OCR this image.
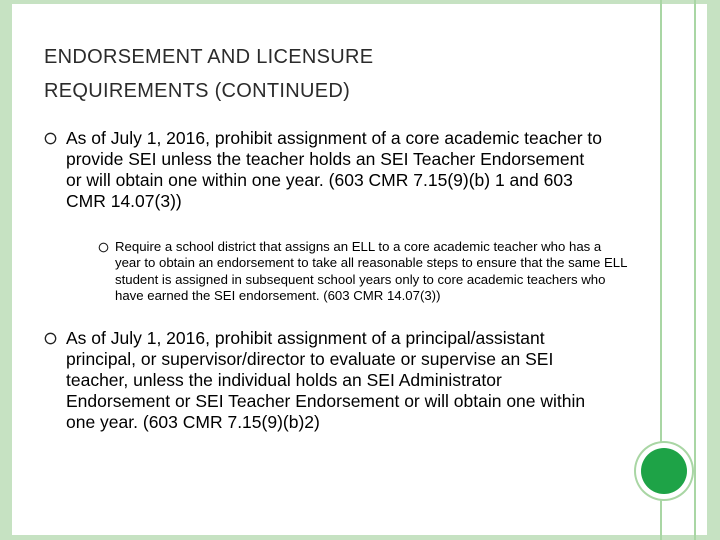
ENDORSEMENT AND LICENSURE
REQUIREMENTS (CONTINUED)
As of July 1, 2016, prohibit assignment of a core academic teacher to provide SEI unless the teacher holds an SEI Teacher Endorsement or will obtain one within one year. (603 CMR 7.15(9)(b) 1 and 603 CMR 14.07(3))
Require a school district that assigns an ELL to a core academic teacher who has a year to obtain an endorsement to take all reasonable steps to ensure that the same ELL student is assigned in subsequent school years only to core academic teachers who have earned the SEI endorsement. (603 CMR 14.07(3))
As of July 1, 2016, prohibit assignment of a principal/assistant principal, or supervisor/director to evaluate or supervise an SEI teacher, unless the individual holds an SEI Administrator Endorsement or SEI Teacher Endorsement or will obtain one within one year. (603 CMR 7.15(9)(b)2)
